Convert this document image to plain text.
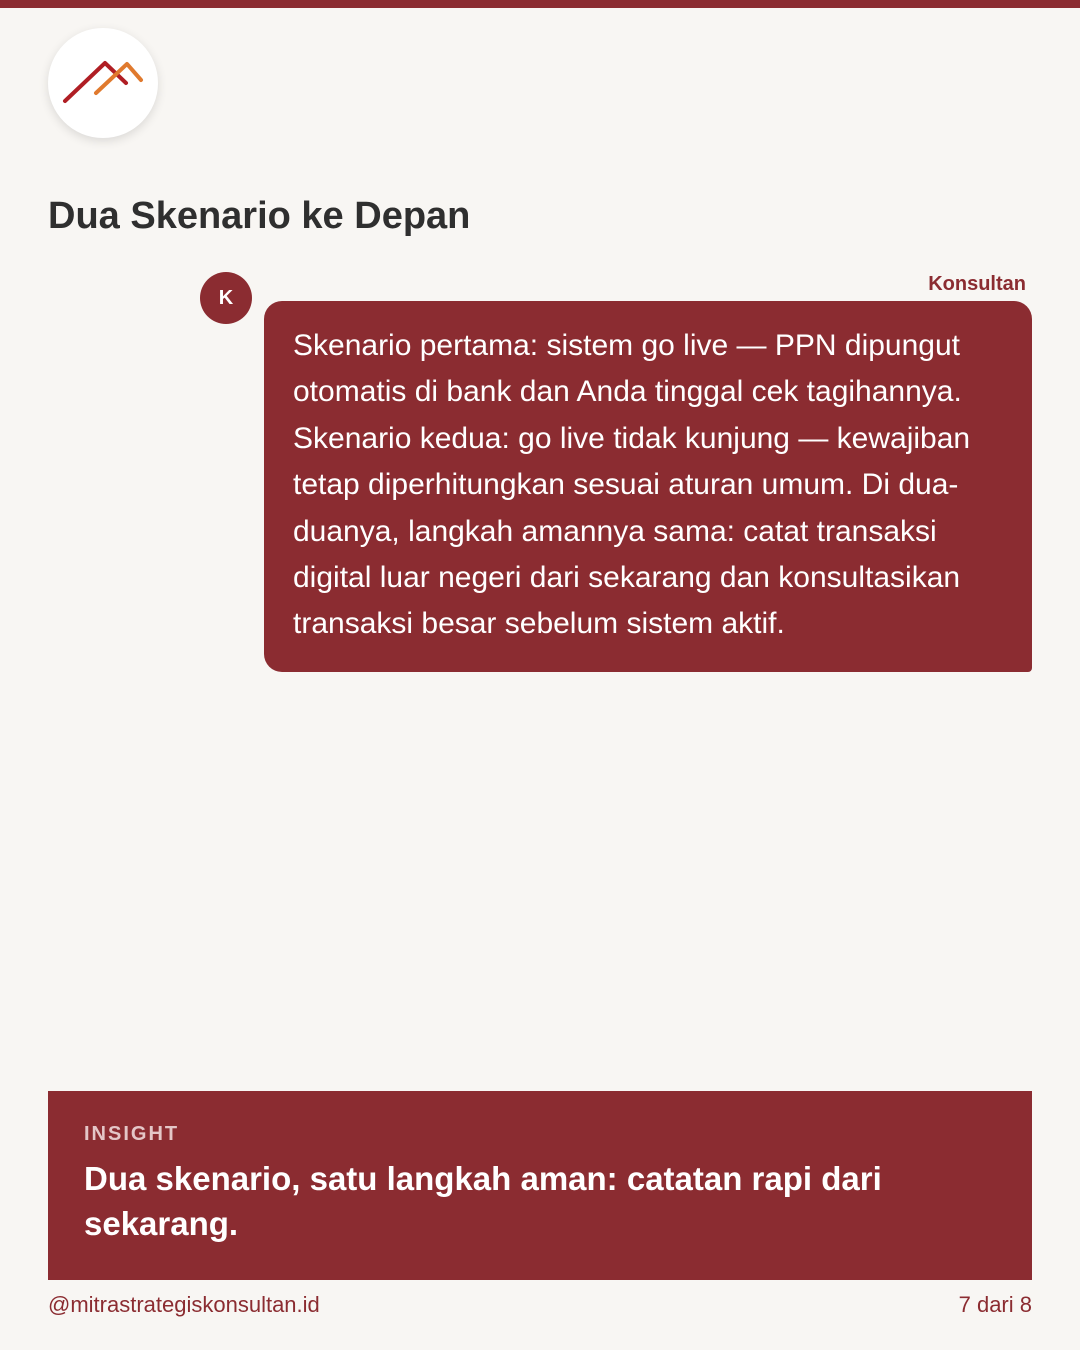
Dua Skenario ke Depan
K
Konsultan

Skenario pertama: sistem go live — PPN dipungut otomatis di bank dan Anda tinggal cek tagihannya. Skenario kedua: go live tidak kunjung — kewajiban tetap diperhitungkan sesuai aturan umum. Di dua-duanya, langkah amannya sama: catat transaksi digital luar negeri dari sekarang dan konsultasikan transaksi besar sebelum sistem aktif.

INSIGHT
Dua skenario, satu langkah aman: catatan rapi dari sekarang.
@mitrastrategiskonsultan.id	7 dari 8
